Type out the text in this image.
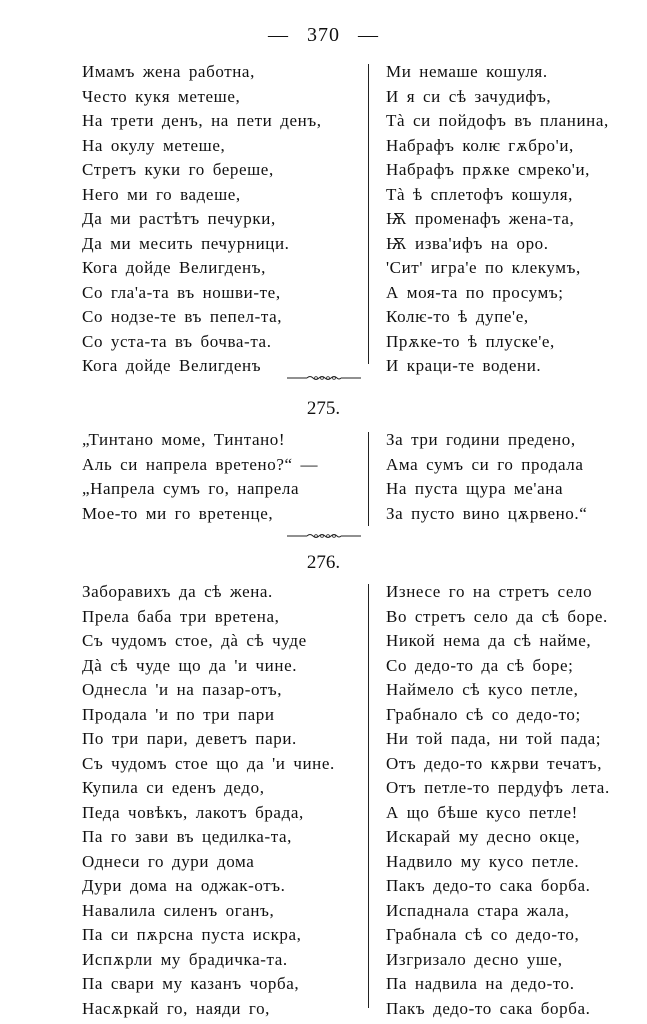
— 370 —
Имамъ жена работна,
Често кукя метеше,
На трети денъ, на пети денъ,
На окулу метеше,
Стретъ куки го береше,
Него ми го вадеше,
Да ми растѣтъ печурки,
Да ми месить печурници.
Кога дойде Велигденъ,
Со гла'а-та въ ношви-те,
Со нодзе-те въ пепел-та,
Со уста-та въ бочва-та.
Кога дойде Велигденъ
Ми немаше кошуля.
И я си сѣ зачудифъ,
Тà си пойдофъ въ планина,
Набрафъ колѥ гѫбро'и,
Набрафъ прѫке смреко'и,
Тà ѣ сплетофъ кошуля,
Ѭ променафъ жена-та,
Ѭ изва'ифъ на оро.
'Сит' игра'е по клекумъ,
А моя-та по просумъ;
Колѥ-то ѣ дупе'е,
Прѫке-то ѣ плуске'е,
И краци-те водени.
275.
„Тинтано моме, Тинтано!
Аль си напрела вретено?“ —
„Напрела сумъ го, напрела
Мое-то ми го вретенце,
За три години предено,
Ама сумъ си го продала
На пуста щура ме'ана
За пусто вино цѫрвено.“
276.
Заборавихъ да сѣ жена.
Прела баба три вретена,
Съ чудомъ стое, дà сѣ чуде
Дà сѣ чуде що да 'и чине.
Однесла 'и на пазар-отъ,
Продала 'и по три пари
По три пари, деветъ пари.
Съ чудомъ стое що да 'и чине.
Купила си еденъ дедо,
Педа човѣкъ, лакотъ брада,
Па го зави въ цедилка-та,
Однеси го дури дома
Дури дома на оджак-отъ.
Навалила силенъ оганъ,
Па си пѫрсна пуста искра,
Испѫрли му брадичка-та.
Па свари му казанъ чорба,
Насѫркай го, наяди го,
Изнесе го на стретъ село
Во стретъ село да сѣ боре.
Никой нема да сѣ найме,
Со дедо-то да сѣ боре;
Наймело сѣ кусо петле,
Грабнало сѣ со дедо-то;
Ни той пада, ни той пада;
Отъ дедо-то кѫрви течатъ,
Отъ петле-то пердуфъ лета.
А що бѣше кусо петле!
Искарай му десно окце,
Надвило му кусо петле.
Пакъ дедо-то сака борба.
Испаднала стара жала,
Грабнала сѣ со дедо-то,
Изгризало десно уше,
Па надвила на дедо-то.
Пакъ дедо-то сака борба.
